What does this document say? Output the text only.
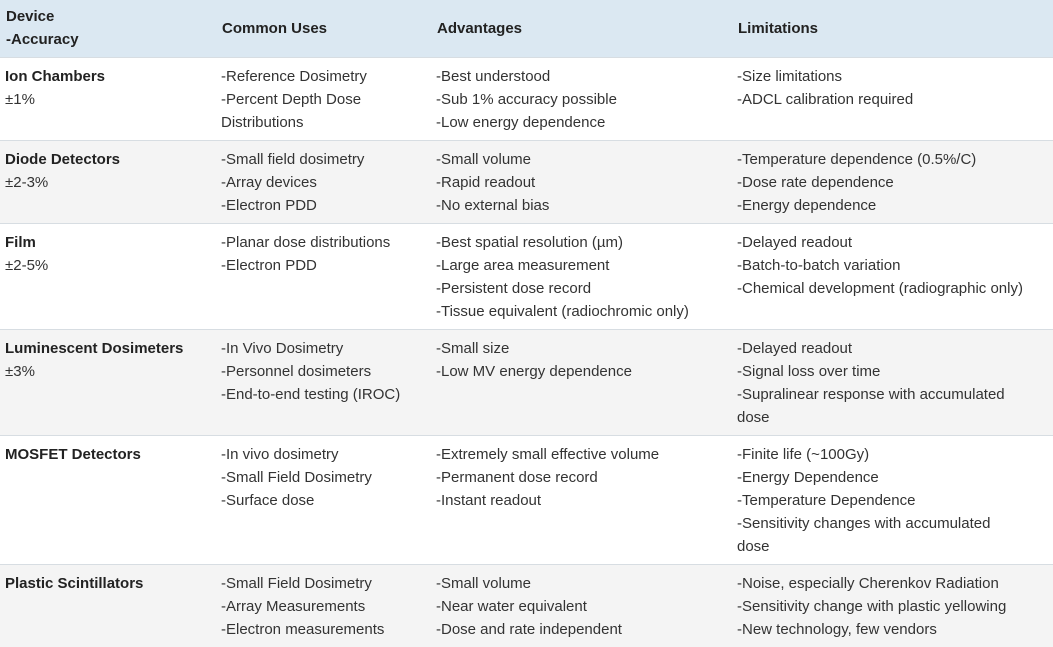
Device
-Accuracy	Common Uses	Advantages	Limitations

Ion Chambers
±1%	-Reference Dosimetry
-Percent Depth Dose
Distributions	-Best understood
-Sub 1% accuracy possible
-Low energy dependence	-Size limitations
-ADCL calibration required

Diode Detectors
±2-3%	-Small field dosimetry
-Array devices
-Electron PDD	-Small volume
-Rapid readout
-No external bias	-Temperature dependence (0.5%/C)
-Dose rate dependence
-Energy dependence

Film
±2-5%	-Planar dose distributions
-Electron PDD	-Best spatial resolution (µm)
-Large area measurement
-Persistent dose record
-Tissue equivalent (radiochromic only)	-Delayed readout
-Batch-to-batch variation
-Chemical development (radiographic only)

Luminescent Dosimeters
±3%	-In Vivo Dosimetry
-Personnel dosimeters
-End-to-end testing (IROC)	-Small size
-Low MV energy dependence	-Delayed readout
-Signal loss over time
-Supralinear response with accumulated
dose

MOSFET Detectors	-In vivo dosimetry
-Small Field Dosimetry
-Surface dose	-Extremely small effective volume
-Permanent dose record
-Instant readout	-Finite life (~100Gy)
-Energy Dependence
-Temperature Dependence
-Sensitivity changes with accumulated
dose

Plastic Scintillators	-Small Field Dosimetry
-Array Measurements
-Electron measurements	-Small volume
-Near water equivalent
-Dose and rate independent	-Noise, especially Cherenkov Radiation
-Sensitivity change with plastic yellowing
-New technology, few vendors
